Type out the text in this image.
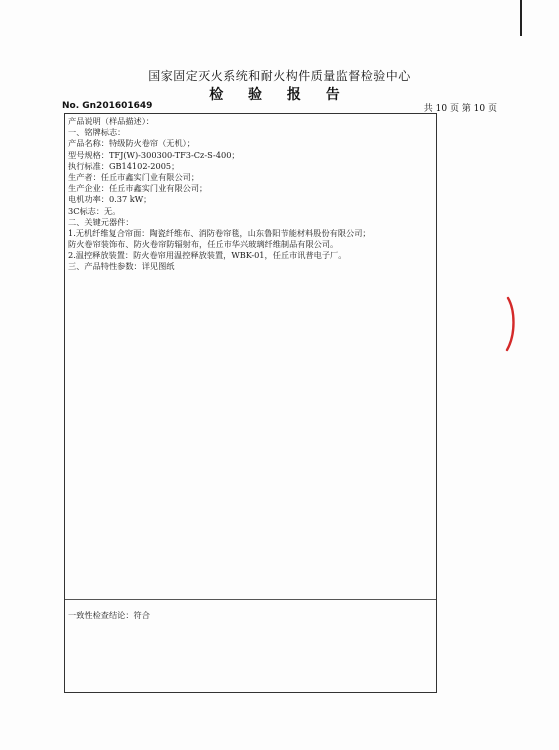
国家固定灭火系统和耐火构件质量监督检验中心
检 验 报 告
No. Gn201601649	共 10 页 第 10 页
产品说明（样品描述）：
一、铭牌标志：
产品名称：特级防火卷帘（无机）；
型号规格：TFJ(W)-300300-TF3-Cz-S-400；
执行标准：GB14102-2005；
生产者：任丘市鑫实门业有限公司；
生产企业：任丘市鑫实门业有限公司；
电机功率：0.37 kW；
3C标志：无。
二、关键元器件：
1.无机纤维复合帘面：陶瓷纤维布、消防卷帘毯，山东鲁阳节能材料股份有限公司；
防火卷帘装饰布、防火卷帘防辐射布，任丘市华兴玻璃纤维制品有限公司。
2.温控释放装置：防火卷帘用温控释放装置，WBK-01，任丘市讯普电子厂。
三、产品特性参数：详见图纸
一致性检查结论：符合
